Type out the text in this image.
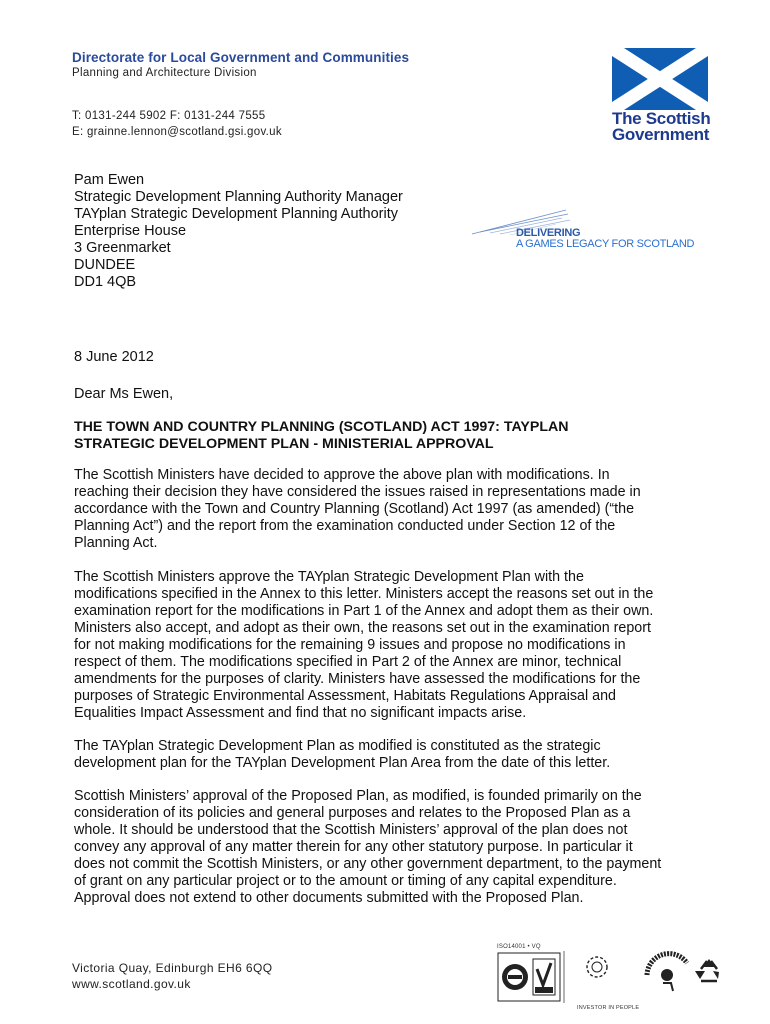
Directorate for Local Government and Communities
Planning and Architecture Division
T: 0131-244 5902 F: 0131-244 7555
E: grainne.lennon@scotland.gsi.gov.uk
The Scottish
Government
Pam Ewen
Strategic Development Planning Authority Manager
TAYplan Strategic Development Planning Authority
Enterprise House
3 Greenmarket
DUNDEE
DD1 4QB
DELIVERING
A GAMES LEGACY FOR SCOTLAND
8 June 2012
Dear Ms Ewen,
THE TOWN AND COUNTRY PLANNING (SCOTLAND) ACT 1997: TAYPLAN
STRATEGIC DEVELOPMENT PLAN - MINISTERIAL APPROVAL
The Scottish Ministers have decided to approve the above plan with modifications. In
reaching their decision they have considered the issues raised in representations made in
accordance with the Town and Country Planning (Scotland) Act 1997 (as amended) (“the
Planning Act”) and the report from the examination conducted under Section 12 of the
Planning Act.
The Scottish Ministers approve the TAYplan Strategic Development Plan with the
modifications specified in the Annex to this letter. Ministers accept the reasons set out in the
examination report for the modifications in Part 1 of the Annex and adopt them as their own.
Ministers also accept, and adopt as their own, the reasons set out in the examination report
for not making modifications for the remaining 9 issues and propose no modifications in
respect of them. The modifications specified in Part 2 of the Annex are minor, technical
amendments for the purposes of clarity. Ministers have assessed the modifications for the
purposes of Strategic Environmental Assessment, Habitats Regulations Appraisal and
Equalities Impact Assessment and find that no significant impacts arise.
The TAYplan Strategic Development Plan as modified is constituted as the strategic
development plan for the TAYplan Development Plan Area from the date of this letter.
Scottish Ministers’ approval of the Proposed Plan, as modified, is founded primarily on the
consideration of its policies and general purposes and relates to the Proposed Plan as a
whole. It should be understood that the Scottish Ministers’ approval of the plan does not
convey any approval of any matter therein for any other statutory purpose. In particular it
does not commit the Scottish Ministers, or any other government department, to the payment
of grant on any particular project or to the amount or timing of any capital expenditure.
Approval does not extend to other documents submitted with the Proposed Plan.
Victoria Quay, Edinburgh EH6 6QQ
www.scotland.gov.uk
ISO14001 • VQ
INVESTOR IN PEOPLE
